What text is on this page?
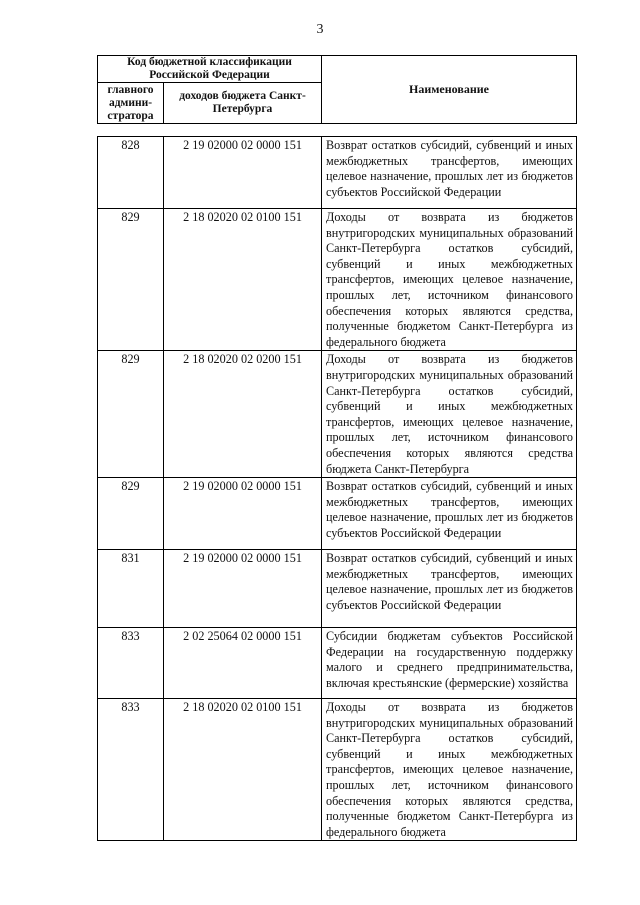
3
Код бюджетной классификации Российской Федерации		Наименование
главного админи-стратора	доходов бюджета Санкт-Петербурга	
828	2 19 02000 02 0000 151	Возврат остатков субсидий, субвенций и иных межбюджетных трансфертов, имеющих целевое назначение, прошлых лет из бюджетов субъектов Российской Федерации
829	2 18 02020 02 0100 151	Доходы от возврата из бюджетов внутригородских муниципальных образований Санкт-Петербурга остатков субсидий, субвенций и иных межбюджетных трансфертов, имеющих целевое назначение, прошлых лет, источником финансового обеспечения которых являются средства, полученные бюджетом Санкт-Петербурга из федерального бюджета
829	2 18 02020 02 0200 151	Доходы от возврата из бюджетов внутригородских муниципальных образований Санкт-Петербурга остатков субсидий, субвенций и иных межбюджетных трансфертов, имеющих целевое назначение, прошлых лет, источником финансового обеспечения которых являются средства бюджета Санкт-Петербурга
829	2 19 02000 02 0000 151	Возврат остатков субсидий, субвенций и иных межбюджетных трансфертов, имеющих целевое назначение, прошлых лет из бюджетов субъектов Российской Федерации
831	2 19 02000 02 0000 151	Возврат остатков субсидий, субвенций и иных межбюджетных трансфертов, имеющих целевое назначение, прошлых лет из бюджетов субъектов Российской Федерации
833	2 02 25064 02 0000 151	Субсидии бюджетам субъектов Российской Федерации на государственную поддержку малого и среднего предпринимательства, включая крестьянские (фермерские) хозяйства
833	2 18 02020 02 0100 151	Доходы от возврата из бюджетов внутригородских муниципальных образований Санкт-Петербурга остатков субсидий, субвенций и иных межбюджетных трансфертов, имеющих целевое назначение, прошлых лет, источником финансового обеспечения которых являются средства, полученные бюджетом Санкт-Петербурга из федерального бюджета
